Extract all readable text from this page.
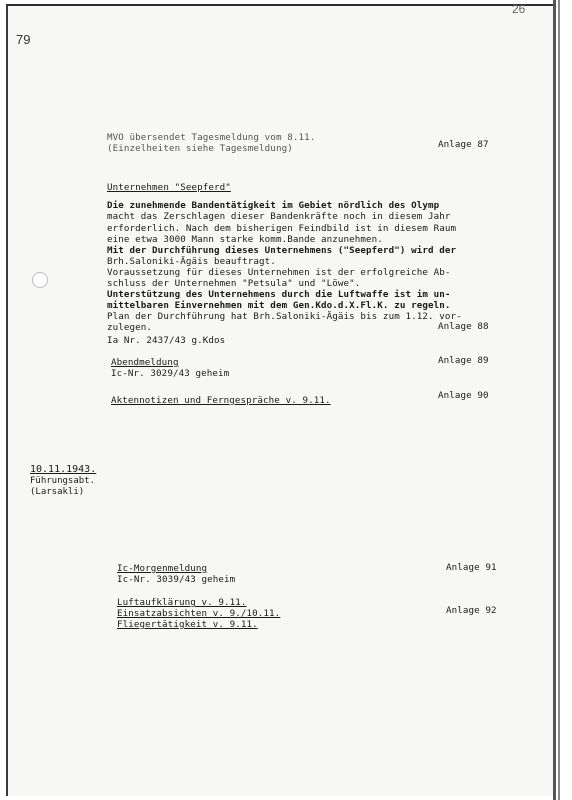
26
79
MVO übersendet Tagesmeldung vom 8.11.
(Einzelheiten siehe Tagesmeldung)	Anlage 87
Unternehmen "Seepferd"
Die zunehmende Bandentätigkeit im Gebiet nördlich des Olymp
macht das Zerschlagen dieser Bandenkräfte noch in diesem Jahr
erforderlich. Nach dem bisherigen Feindbild ist in diesem Raum
eine etwa 3000 Mann starke komm.Bande anzunehmen.
Mit der Durchführung dieses Unternehmens ("Seepferd") wird der
Brh.Saloniki-Ägäis beauftragt.
Voraussetzung für dieses Unternehmen ist der erfolgreiche Ab-
schluss der Unternehmen "Petsula" und "Löwe".
Unterstützung des Unternehmens durch die Luftwaffe ist im un-
mittelbaren Einvernehmen mit dem Gen.Kdo.d.X.Fl.K. zu regeln.
Plan der Durchführung hat Brh.Saloniki-Ägäis bis zum 1.12. vor-
zulegen.	Anlage 88
Ia Nr. 2437/43 g.Kdos
Abendmeldung
Ic-Nr. 3029/43 geheim
Anlage 89
Aktennotizen und Ferngespräche v. 9.11.	Anlage 90
10.11.1943.
Führungsabt.
(Larsakli)
Ic-Morgenmeldung
Ic-Nr. 3039/43 geheim
Anlage 91
Luftaufklärung v. 9.11.
Einsatzabsichten v. 9./10.11.
Fliegertätigkeit v. 9.11.
Anlage 92
